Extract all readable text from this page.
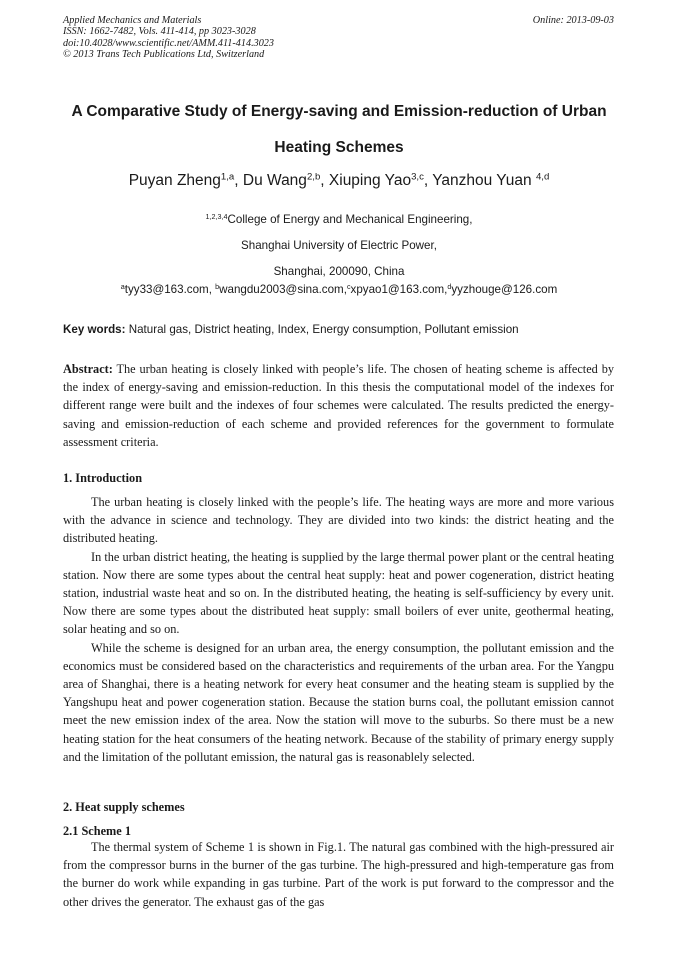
Applied Mechanics and Materials
ISSN: 1662-7482, Vols. 411-414, pp 3023-3028
doi:10.4028/www.scientific.net/AMM.411-414.3023
© 2013 Trans Tech Publications Ltd, Switzerland
Online: 2013-09-03
A Comparative Study of Energy-saving and Emission-reduction of Urban
Heating Schemes
Puyan Zheng$^{1,a}$, Du Wang$^{2,b}$, Xiuping Yao$^{3,c}$, Yanzhou Yuan $^{4,d}$
$^{1,2,3,4}$College of Energy and Mechanical Engineering,
Shanghai University of Electric Power,
Shanghai, 200090, China
$^a$tyy33@163.com, $^b$wangdu2003@sina.com,$^c$xpyao1@163.com,$^d$yyzhouge@126.com
Key words: Natural gas, District heating, Index, Energy consumption, Pollutant emission

Abstract: The urban heating is closely linked with people’s life. The chosen of heating scheme is affected by the index of energy-saving and emission-reduction. In this thesis the computational model of the indexes for different range were built and the indexes of four schemes were calculated. The results predicted the energy-saving and emission-reduction of each scheme and provided references for the government to formulate assessment criteria.

1. Introduction

The urban heating is closely linked with the people’s life. The heating ways are more and more various with the advance in science and technology. They are divided into two kinds: the district heating and the distributed heating.

In the urban district heating, the heating is supplied by the large thermal power plant or the central heating station. Now there are some types about the central heat supply: heat and power cogeneration, district heating station, industrial waste heat and so on. In the distributed heating, the heating is self-sufficiency by every unit. Now there are some types about the distributed heat supply: small boilers of ever unite, geothermal heating, solar heating and so on.

While the scheme is designed for an urban area, the energy consumption, the pollutant emission and the economics must be considered based on the characteristics and requirements of the urban area. For the Yangpu area of Shanghai, there is a heating network for every heat consumer and the heating steam is supplied by the Yangshupu heat and power cogeneration station. Because the station burns coal, the pollutant emission cannot meet the new emission index of the area. Now the station will move to the suburbs. So there must be a new heating station for the heat consumers of the heating network. Because of the stability of primary energy supply and the limitation of the pollutant emission, the natural gas is reasonablely selected.

2. Heat supply schemes
2.1 Scheme 1

The thermal system of Scheme 1 is shown in Fig.1. The natural gas combined with the high-pressured air from the compressor burns in the burner of the gas turbine. The high-pressured and high-temperature gas from the burner do work while expanding in gas turbine. Part of the work is put forward to the compressor and the other drives the generator. The exhaust gas of the gas
